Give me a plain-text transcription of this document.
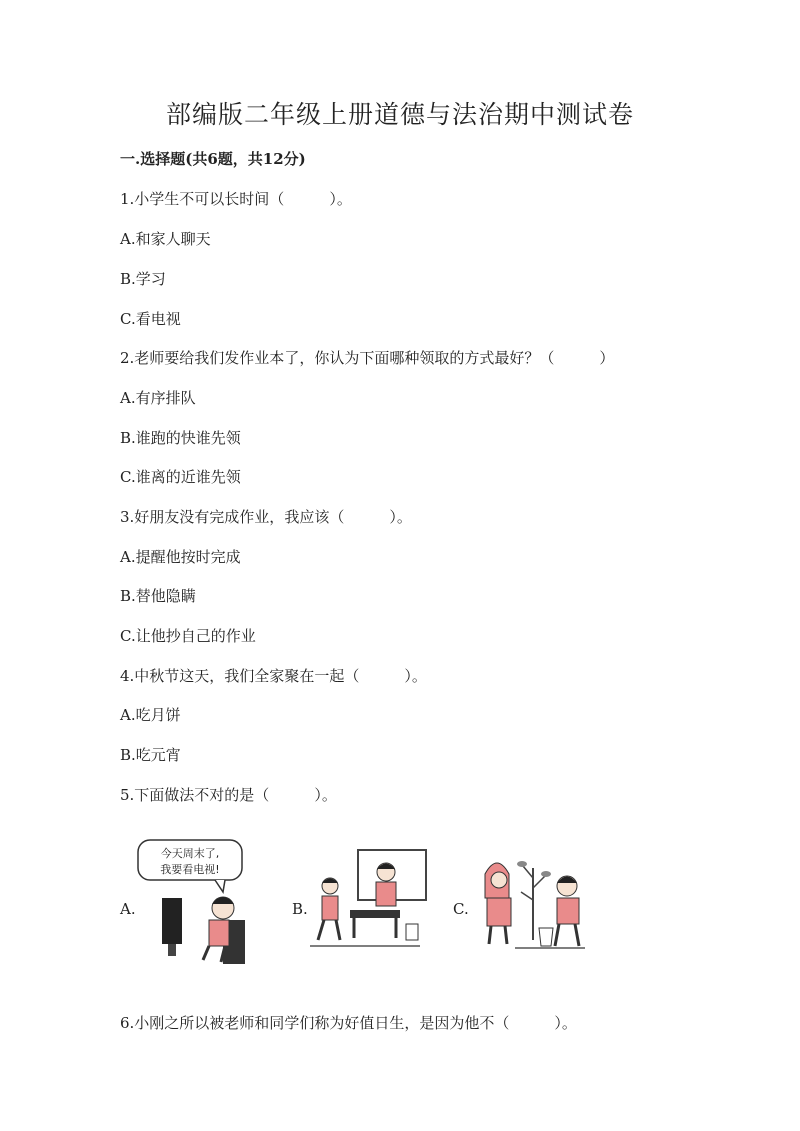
部编版二年级上册道德与法治期中测试卷
一.选择题(共6题，共12分)
1.小学生不可以长时间（　　　）。
A.和家人聊天
B.学习
C.看电视
2.老师要给我们发作业本了，你认为下面哪种领取的方式最好？（　　　）
A.有序排队
B.谁跑的快谁先领
C.谁离的近谁先领
3.好朋友没有完成作业，我应该（　　　）。
A.提醒他按时完成
B.替他隐瞒
C.让他抄自己的作业
4.中秋节这天，我们全家聚在一起（　　　）。
A.吃月饼
B.吃元宵
5.下面做法不对的是（　　　）。
A.	B.	C.
今天周末了,
我要看电视!
6.小刚之所以被老师和同学们称为好值日生，是因为他不（　　　）。
